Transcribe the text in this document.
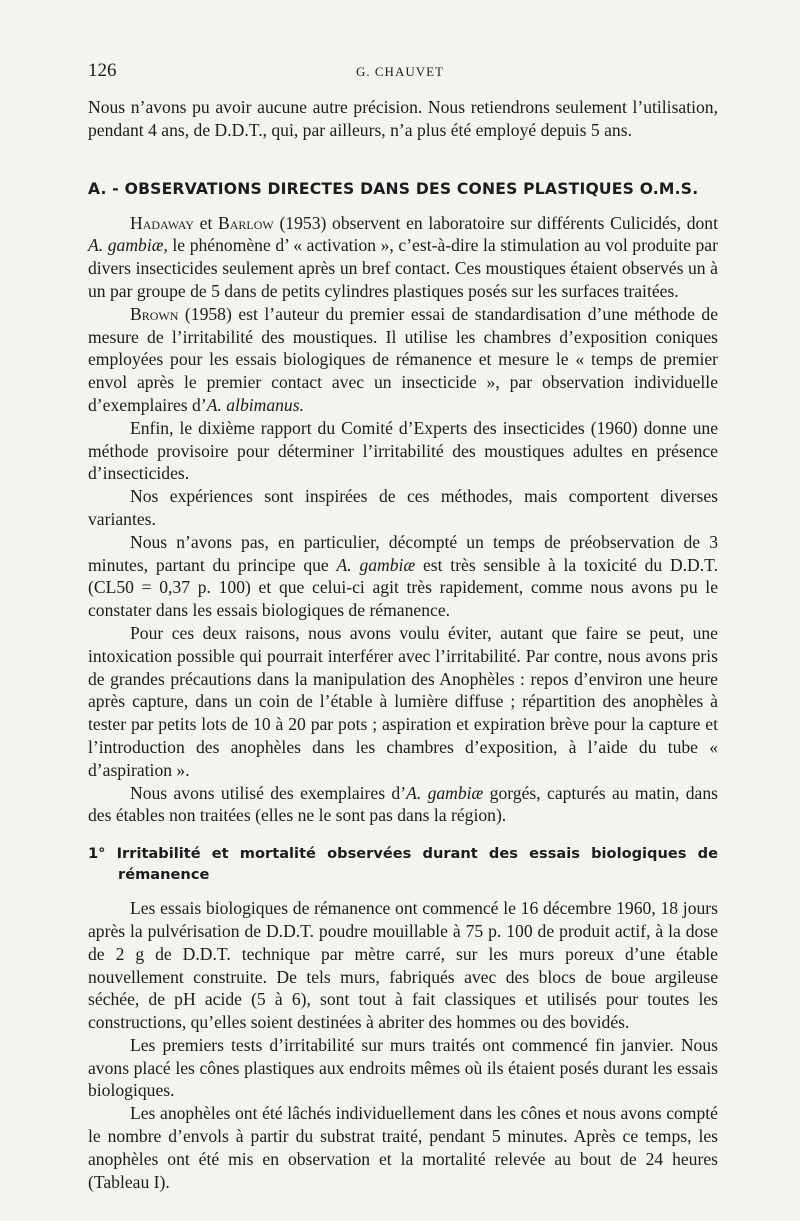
126	G. CHAUVET

Nous n’avons pu avoir aucune autre précision. Nous retiendrons seulement l’utilisation, pendant 4 ans, de D.D.T., qui, par ailleurs, n’a plus été employé depuis 5 ans.

A. - OBSERVATIONS DIRECTES DANS DES CONES PLASTIQUES O.M.S.

Hadaway et Barlow (1953) observent en laboratoire sur différents Culicidés, dont A. gambiæ, le phénomène d’ « activation », c’est-à-dire la stimulation au vol produite par divers insecticides seulement après un bref contact. Ces moustiques étaient observés un à un par groupe de 5 dans de petits cylindres plastiques posés sur les surfaces traitées.

Brown (1958) est l’auteur du premier essai de standardisation d’une méthode de mesure de l’irritabilité des moustiques. Il utilise les chambres d’exposition coniques employées pour les essais biologiques de rémanence et mesure le « temps de premier envol après le premier contact avec un insecticide », par observation individuelle d’exemplaires d’A. albimanus.

Enfin, le dixième rapport du Comité d’Experts des insecticides (1960) donne une méthode provisoire pour déterminer l’irritabilité des moustiques adultes en présence d’insecticides.

Nos expériences sont inspirées de ces méthodes, mais comportent diverses variantes.

Nous n’avons pas, en particulier, décompté un temps de préobservation de 3 minutes, partant du principe que A. gambiæ est très sensible à la toxicité du D.D.T. (CL50 = 0,37 p. 100) et que celui-ci agit très rapidement, comme nous avons pu le constater dans les essais biologiques de rémanence.

Pour ces deux raisons, nous avons voulu éviter, autant que faire se peut, une intoxication possible qui pourrait interférer avec l’irritabilité. Par contre, nous avons pris de grandes précautions dans la manipulation des Anophèles : repos d’environ une heure après capture, dans un coin de l’étable à lumière diffuse ; répartition des anophèles à tester par petits lots de 10 à 20 par pots ; aspiration et expiration brève pour la capture et l’introduction des anophèles dans les chambres d’exposition, à l’aide du tube « d’aspiration ».

Nous avons utilisé des exemplaires d’A. gambiæ gorgés, capturés au matin, dans des étables non traitées (elles ne le sont pas dans la région).

1° Irritabilité et mortalité observées durant des essais biologiques de rémanence

Les essais biologiques de rémanence ont commencé le 16 décembre 1960, 18 jours après la pulvérisation de D.D.T. poudre mouillable à 75 p. 100 de produit actif, à la dose de 2 g de D.D.T. technique par mètre carré, sur les murs poreux d’une étable nouvellement construite. De tels murs, fabriqués avec des blocs de boue argileuse séchée, de pH acide (5 à 6), sont tout à fait classiques et utilisés pour toutes les constructions, qu’elles soient destinées à abriter des hommes ou des bovidés.

Les premiers tests d’irritabilité sur murs traités ont commencé fin janvier. Nous avons placé les cônes plastiques aux endroits mêmes où ils étaient posés durant les essais biologiques.

Les anophèles ont été lâchés individuellement dans les cônes et nous avons compté le nombre d’envols à partir du substrat traité, pendant 5 minutes. Après ce temps, les anophèles ont été mis en observation et la mortalité relevée au bout de 24 heures (Tableau I).
